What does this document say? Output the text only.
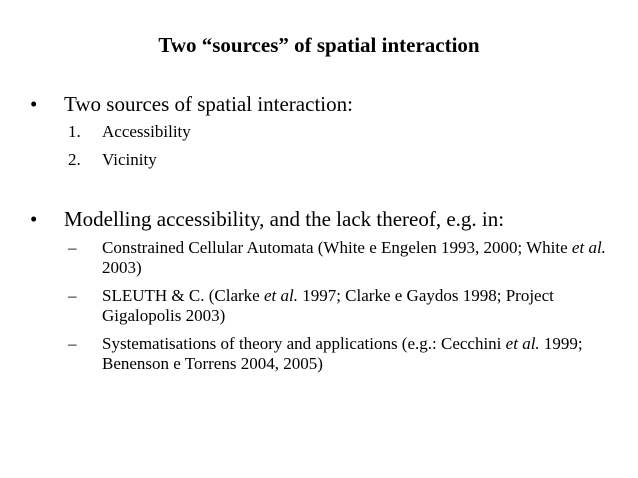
Two “sources” of spatial interaction
•	Two sources of spatial interaction:
1.	Accessibility
2.	Vicinity
•	Modelling accessibility, and the lack thereof, e.g. in:
–	Constrained Cellular Automata (White e Engelen 1993, 2000; White et al. 2003)
–	SLEUTH & C. (Clarke et al. 1997; Clarke e Gaydos 1998; Project Gigalopolis 2003)
–	Systematisations of theory and applications (e.g.: Cecchini et al. 1999; Benenson e Torrens 2004, 2005)
